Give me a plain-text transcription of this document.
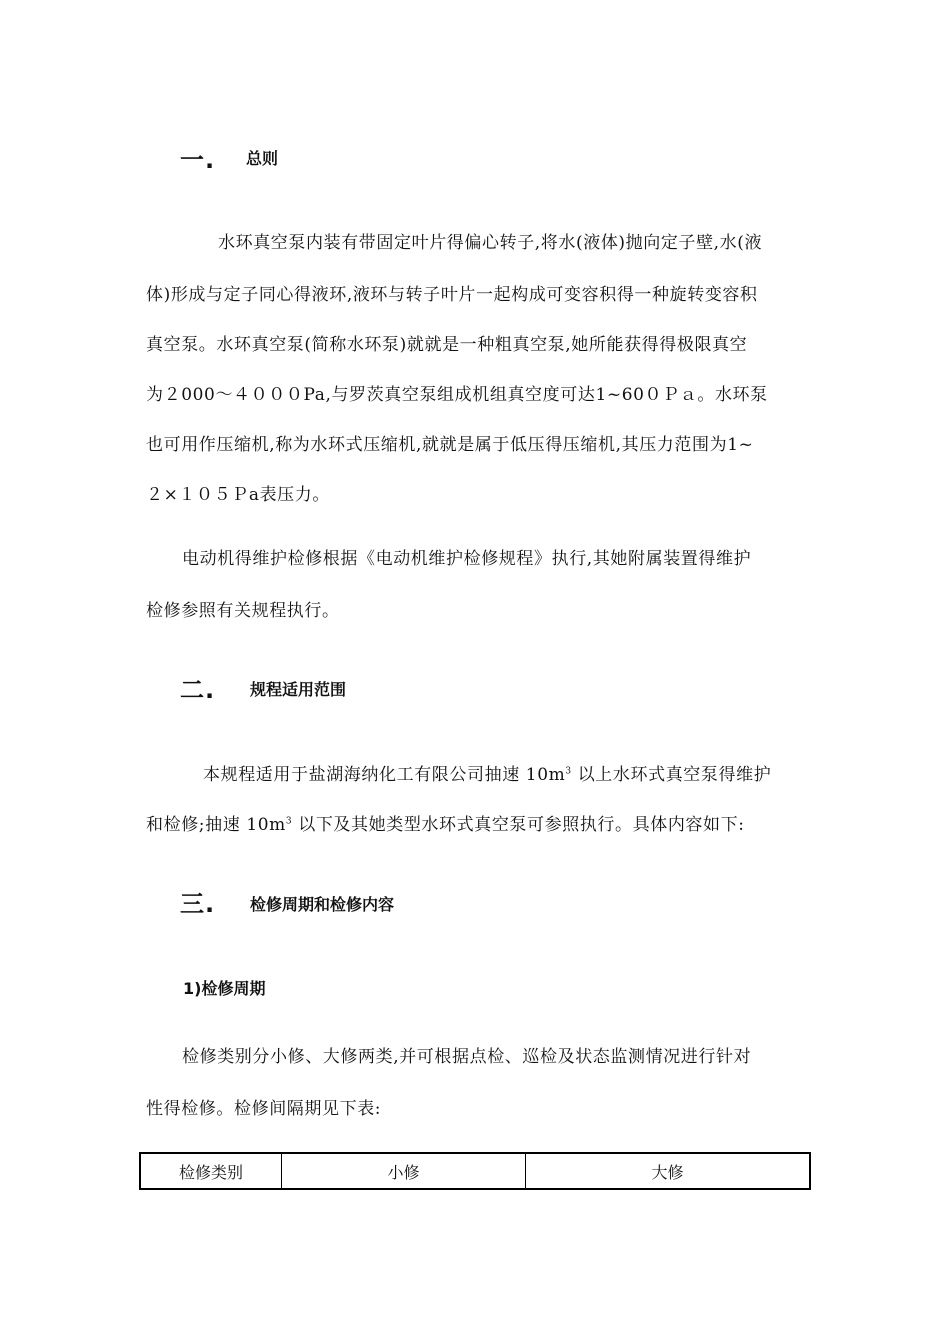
一. 总则
水环真空泵内装有带固定叶片得偏心转子,将水(液体)抛向定子壁,水(液
体)形成与定子同心得液环,液环与转子叶片一起构成可变容积得一种旋转变容积
真空泵。水环真空泵(简称水环泵)就就是一种粗真空泵,她所能获得得极限真空
为２000～４０００Pa,与罗茨真空泵组成机组真空度可达1~60０Ｐａ。水环泵
也可用作压缩机,称为水环式压缩机,就就是属于低压得压缩机,其压力范围为1~
２×１０５Ｐa表压力。
电动机得维护检修根据《电动机维护检修规程》执行,其她附属装置得维护
检修参照有关规程执行。
二. 规程适用范围
本规程适用于盐湖海纳化工有限公司抽速 $10m^3$ 以上水环式真空泵得维护
和检修;抽速 $10m^3$ 以下及其她类型水环式真空泵可参照执行。具体内容如下:
三. 检修周期和检修内容
1)检修周期
检修类别分小修、大修两类,并可根据点检、巡检及状态监测情况进行针对
性得检修。检修间隔期见下表:
检修类别	小修	大修
